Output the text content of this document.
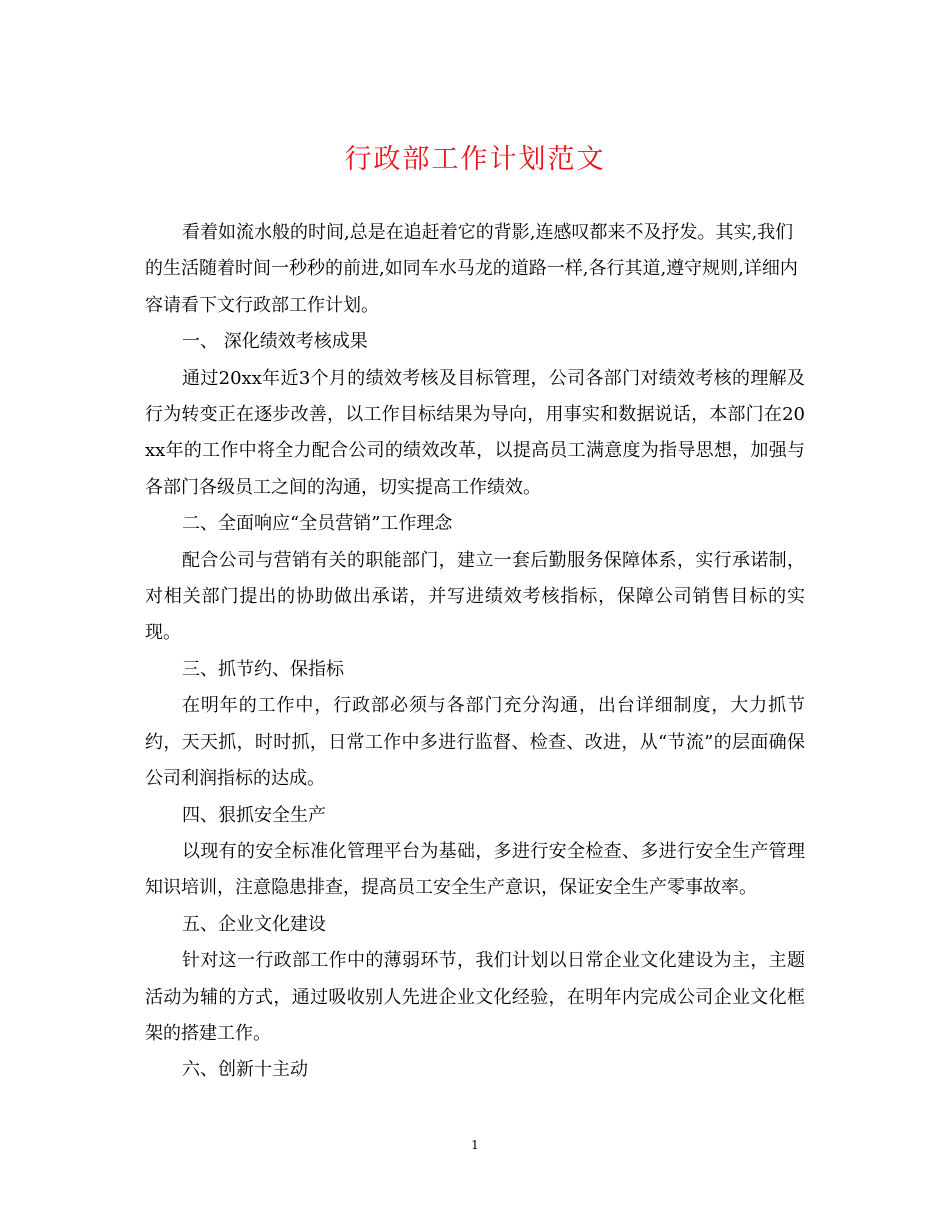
行政部工作计划范文

看着如流水般的时间,总是在追赶着它的背影,连感叹都来不及抒发。其实,我们的生活随着时间一秒秒的前进,如同车水马龙的道路一样,各行其道,遵守规则,详细内容请看下文行政部工作计划。

一、 深化绩效考核成果

通过20xx年近3个月的绩效考核及目标管理，公司各部门对绩效考核的理解及行为转变正在逐步改善，以工作目标结果为导向，用事实和数据说话，本部门在20xx年的工作中将全力配合公司的绩效改革，以提高员工满意度为指导思想，加强与各部门各级员工之间的沟通，切实提高工作绩效。

二、全面响应“全员营销”工作理念

配合公司与营销有关的职能部门，建立一套后勤服务保障体系，实行承诺制，对相关部门提出的协助做出承诺，并写进绩效考核指标，保障公司销售目标的实现。

三、抓节约、保指标

在明年的工作中，行政部必须与各部门充分沟通，出台详细制度，大力抓节约，天天抓，时时抓，日常工作中多进行监督、检查、改进，从“节流”的层面确保公司利润指标的达成。

四、狠抓安全生产

以现有的安全标准化管理平台为基础，多进行安全检查、多进行安全生产管理知识培训，注意隐患排查，提高员工安全生产意识，保证安全生产零事故率。

五、企业文化建设

针对这一行政部工作中的薄弱环节，我们计划以日常企业文化建设为主，主题活动为辅的方式，通过吸收别人先进企业文化经验，在明年内完成公司企业文化框架的搭建工作。

六、创新十主动

1
